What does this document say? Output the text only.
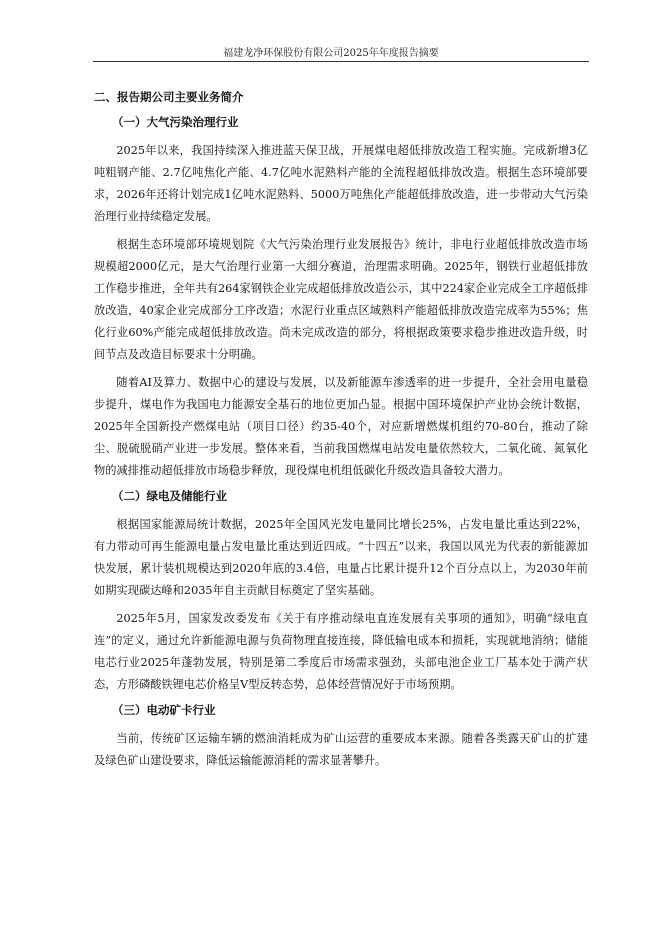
福建龙净环保股份有限公司2025年年度报告摘要
二、报告期公司主要业务简介
（一）大气污染治理行业

2025年以来，我国持续深入推进蓝天保卫战，开展煤电超低排放改造工程实施。完成新增3亿吨粗钢产能、2.7亿吨焦化产能、4.7亿吨水泥熟料产能的全流程超低排放改造。根据生态环境部要求，2026年还将计划完成1亿吨水泥熟料、5000万吨焦化产能超低排放改造，进一步带动大气污染治理行业持续稳定发展。

根据生态环境部环境规划院《大气污染治理行业发展报告》统计，非电行业超低排放改造市场规模超2000亿元，是大气治理行业第一大细分赛道，治理需求明确。2025年，钢铁行业超低排放工作稳步推进，全年共有264家钢铁企业完成超低排放改造公示，其中224家企业完成全工序超低排放改造，40家企业完成部分工序改造；水泥行业重点区域熟料产能超低排放改造完成率为55%；焦化行业60%产能完成超低排放改造。尚未完成改造的部分，将根据政策要求稳步推进改造升级，时间节点及改造目标要求十分明确。

随着AI及算力、数据中心的建设与发展，以及新能源车渗透率的进一步提升，全社会用电量稳步提升，煤电作为我国电力能源安全基石的地位更加凸显。根据中国环境保护产业协会统计数据，2025年全国新投产燃煤电站（项目口径）约35-40个，对应新增燃煤机组约70-80台，推动了除尘、脱硫脱硝产业进一步发展。整体来看，当前我国燃煤电站发电量依然较大，二氧化硫、氮氧化物的减排推动超低排放市场稳步释放，现役煤电机组低碳化升级改造具备较大潜力。

（二）绿电及储能行业

根据国家能源局统计数据，2025年全国风光发电量同比增长25%，占发电量比重达到22%，有力带动可再生能源电量占发电量比重达到近四成。“十四五”以来，我国以风光为代表的新能源加快发展，累计装机规模达到2020年底的3.4倍，电量占比累计提升12个百分点以上，为2030年前如期实现碳达峰和2035年自主贡献目标奠定了坚实基础。

2025年5月，国家发改委发布《关于有序推动绿电直连发展有关事项的通知》，明确“绿电直连”的定义，通过允许新能源电源与负荷物理直接连接，降低输电成本和损耗，实现就地消纳；储能电芯行业2025年蓬勃发展，特别是第二季度后市场需求强劲，头部电池企业工厂基本处于满产状态，方形磷酸铁锂电芯价格呈V型反转态势，总体经营情况好于市场预期。

（三）电动矿卡行业

当前，传统矿区运输车辆的燃油消耗成为矿山运营的重要成本来源。随着各类露天矿山的扩建及绿色矿山建设要求，降低运输能源消耗的需求显著攀升。
